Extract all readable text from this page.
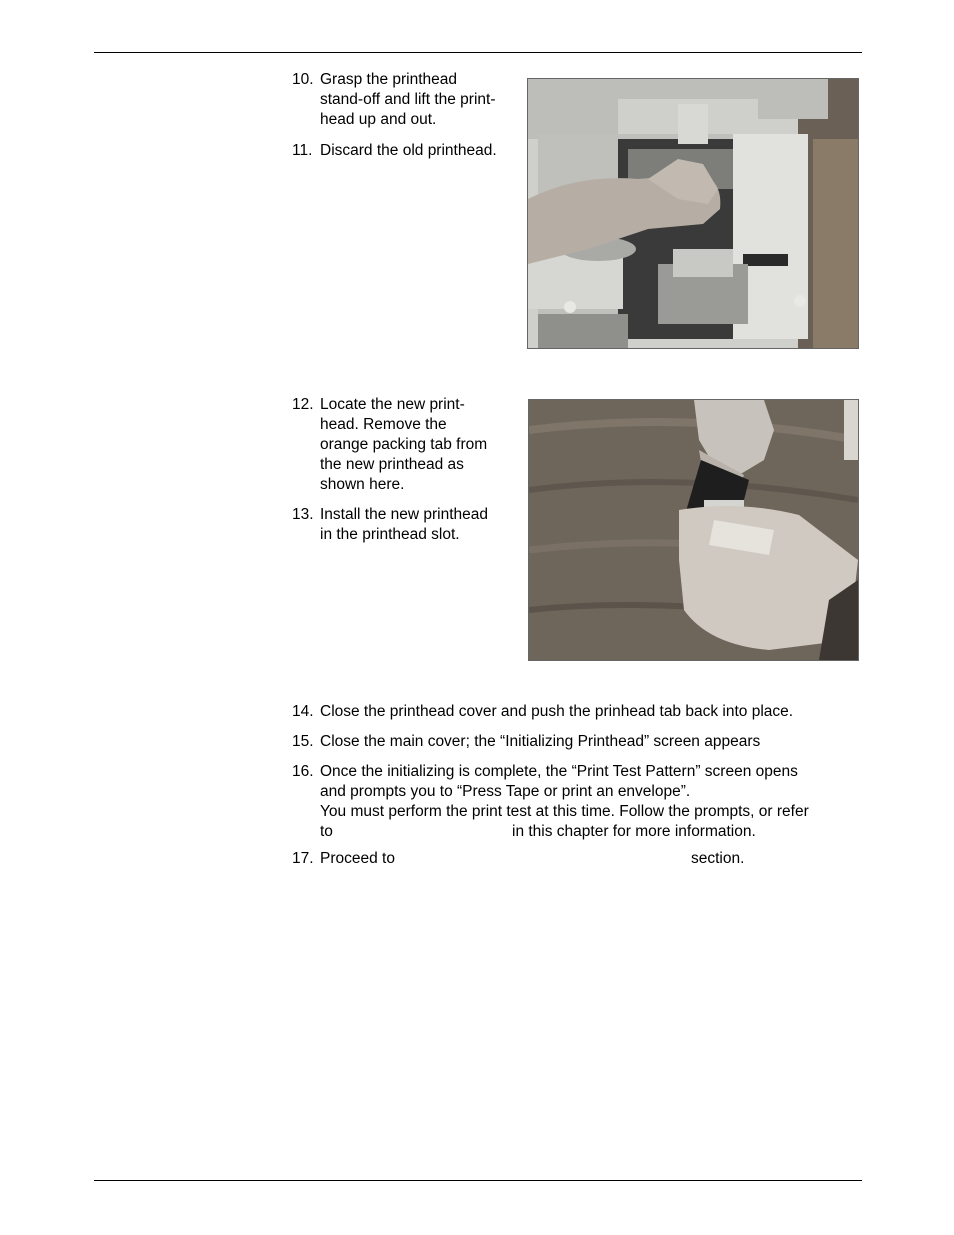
10. Grasp the printhead
stand-off and lift the print-
head up and out.
11. Discard the old printhead.
12. Locate the new print-
head. Remove the
orange packing tab from
the new printhead as
shown here.
13. Install the new printhead
in the printhead slot.
14. Close the printhead cover and push the prinhead tab back into place.
15. Close the main cover; the “Initializing Printhead” screen appears
16. Once the initializing is complete, the “Print Test Pattern” screen opens
and prompts you to “Press Tape or print an envelope”.
You must perform the print test at this time. Follow the prompts, or refer
to	in this chapter for more information.
17. Proceed to	section.
